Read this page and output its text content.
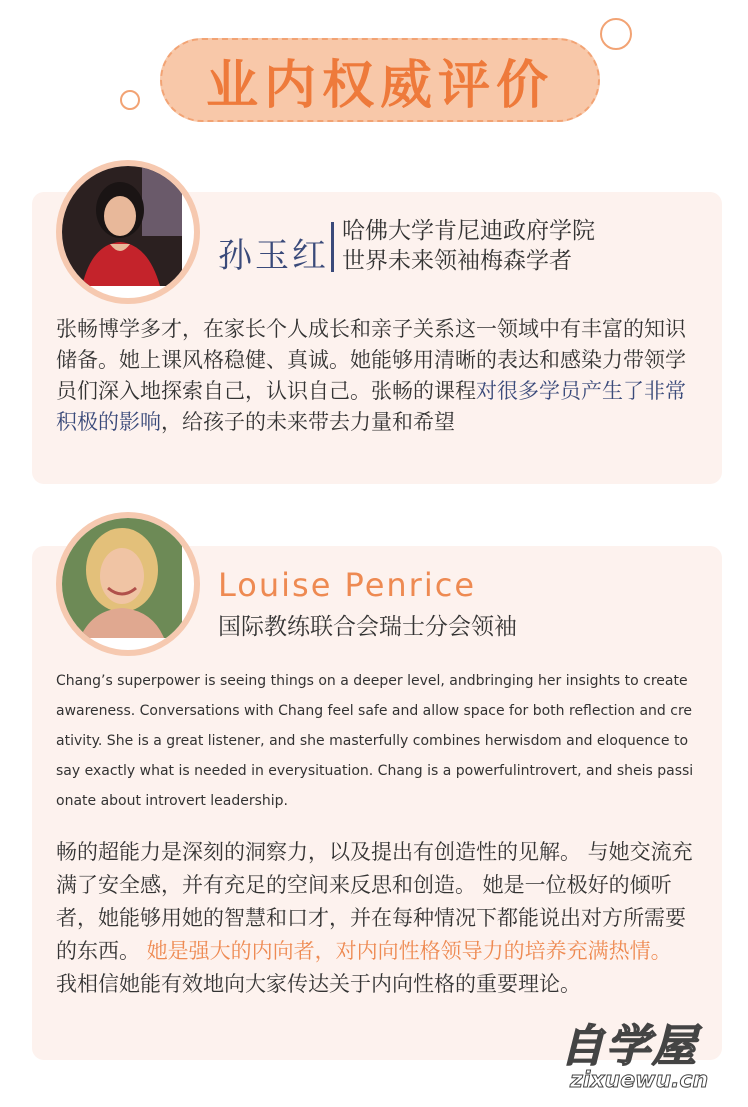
业内权威评价
孙玉红
哈佛大学肯尼迪政府学院
世界未来领袖梅森学者
张畅博学多才，在家长个人成长和亲子关系这一领域中有丰富的知识储备。她上课风格稳健、真诚。她能够用清晰的表达和感染力带领学员们深入地探索自己，认识自己。张畅的课程对很多学员产生了非常积极的影响，给孩子的未来带去力量和希望
Louise Penrice
国际教练联合会瑞士分会领袖
Chang’s superpower is seeing things on a deeper level, andbringing her insights to create awareness. Conversations with Chang feel safe and allow space for both reflection and creativity. She is a great listener, and she masterfully combines herwisdom and eloquence to say exactly what is needed in everysituation. Chang is a powerfulintrovert, and sheis passionate about introvert leadership.
畅的超能力是深刻的洞察力，以及提出有创造性的见解。 与她交流充满了安全感，并有充足的空间来反思和创造。 她是一位极好的倾听者，她能够用她的智慧和口才，并在每种情况下都能说出对方所需要的东西。 她是强大的内向者，对内向性格领导力的培养充满热情。 我相信她能有效地向大家传达关于内向性格的重要理论。
自学屋
zixuewu.cn
